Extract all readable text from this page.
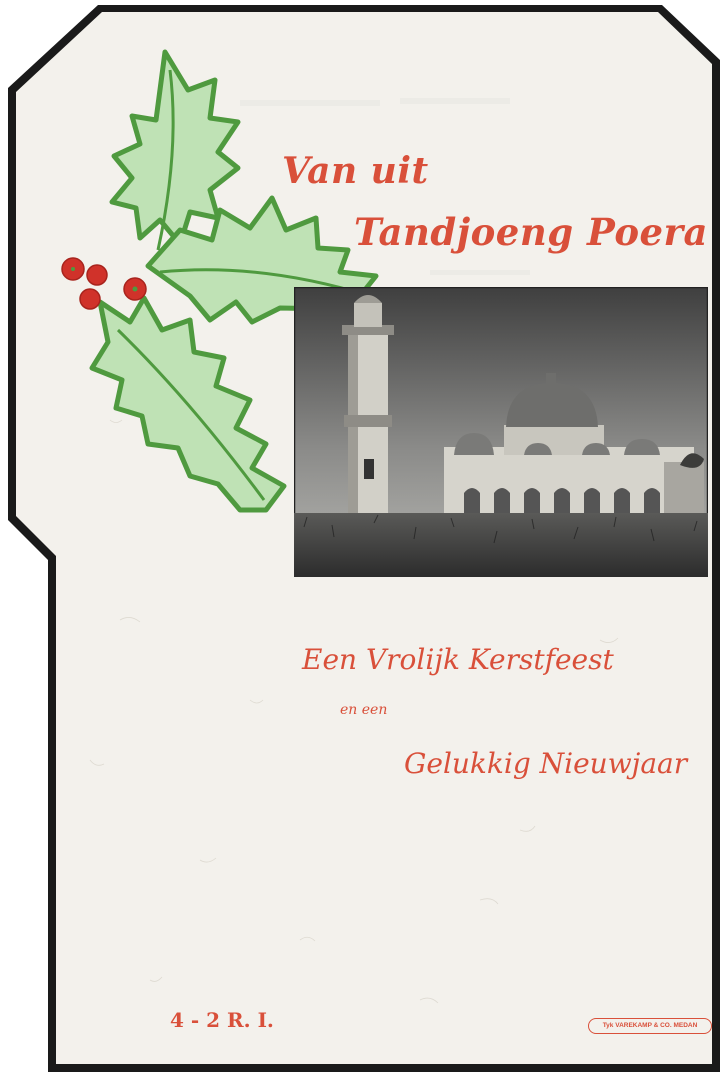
Van uit
Tandjoeng Poera
Een Vrolijk Kerstfeest
en een
Gelukkig Nieuwjaar
4 - 2 R. I.	Tyk VAREKAMP & CO. MEDAN
